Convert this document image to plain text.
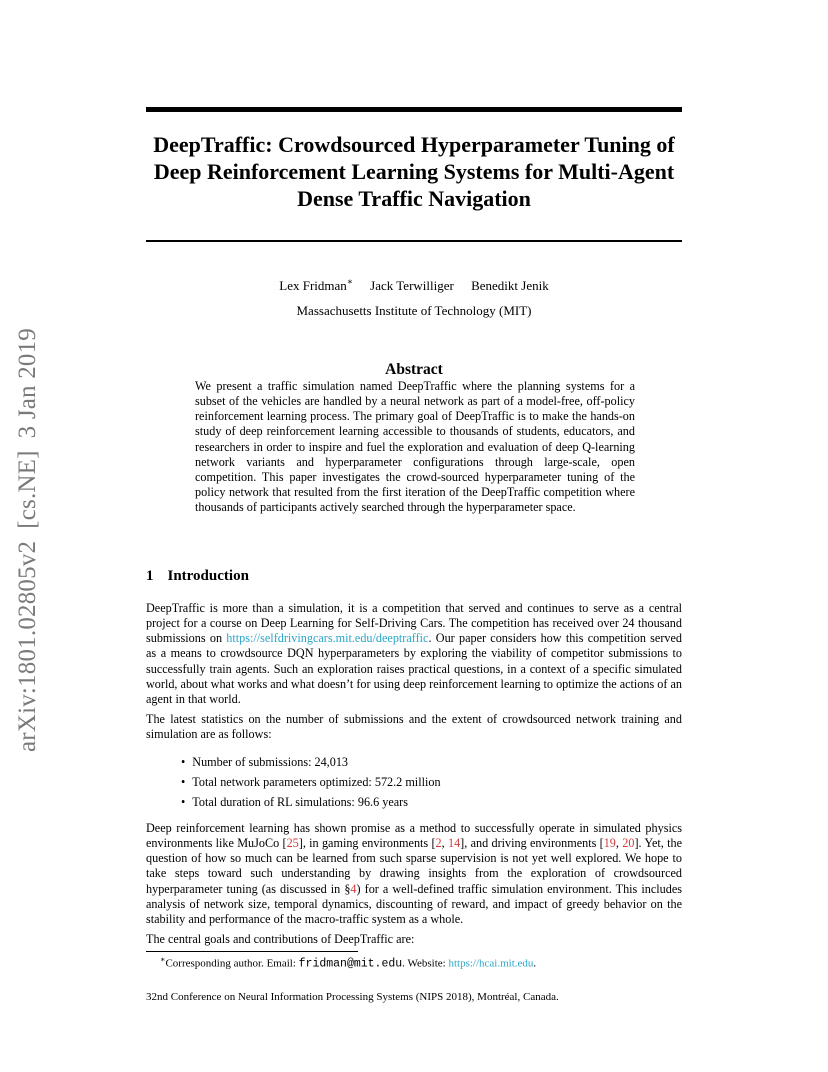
arXiv:1801.02805v2[cs.NE]3 Jan 2019
DeepTraffic: Crowdsourced Hyperparameter Tuning of Deep Reinforcement Learning Systems for Multi-Agent Dense Traffic Navigation
Lex Fridman∗ Jack Terwilliger Benedikt Jenik
Massachusetts Institute of Technology (MIT)
Abstract

We present a traffic simulation named DeepTraffic where the planning systems for a subset of the vehicles are handled by a neural network as part of a model-free, off-policy reinforcement learning process. The primary goal of DeepTraffic is to make the hands-on study of deep reinforcement learning accessible to thousands of students, educators, and researchers in order to inspire and fuel the exploration and evaluation of deep Q-learning network variants and hyperparameter configurations through large-scale, open competition. This paper investigates the crowd-sourced hyperparameter tuning of the policy network that resulted from the first iteration of the DeepTraffic competition where thousands of participants actively searched through the hyperparameter space.

1 Introduction

DeepTraffic is more than a simulation, it is a competition that served and continues to serve as a central project for a course on Deep Learning for Self-Driving Cars. The competition has received over 24 thousand submissions on https://selfdrivingcars.mit.edu/deeptraffic. Our paper considers how this competition served as a means to crowdsource DQN hyperparameters by exploring the viability of competitor submissions to successfully train agents. Such an exploration raises practical questions, in a context of a specific simulated world, about what works and what doesn’t for using deep reinforcement learning to optimize the actions of an agent in that world.

The latest statistics on the number of submissions and the extent of crowdsourced network training and simulation are as follows:

• Number of submissions: 24,013
• Total network parameters optimized: 572.2 million
• Total duration of RL simulations: 96.6 years

Deep reinforcement learning has shown promise as a method to successfully operate in simulated physics environments like MuJoCo [25], in gaming environments [2, 14], and driving environments [19, 20]. Yet, the question of how so much can be learned from such sparse supervision is not yet well explored. We hope to take steps toward such understanding by drawing insights from the exploration of crowdsourced hyperparameter tuning (as discussed in §4) for a well-defined traffic simulation environment. This includes analysis of network size, temporal dynamics, discounting of reward, and impact of greedy behavior on the stability and performance of the macro-traffic system as a whole.

The central goals and contributions of DeepTraffic are:

∗Corresponding author. Email: fridman@mit.edu. Website: https://hcai.mit.edu.

32nd Conference on Neural Information Processing Systems (NIPS 2018), Montréal, Canada.
